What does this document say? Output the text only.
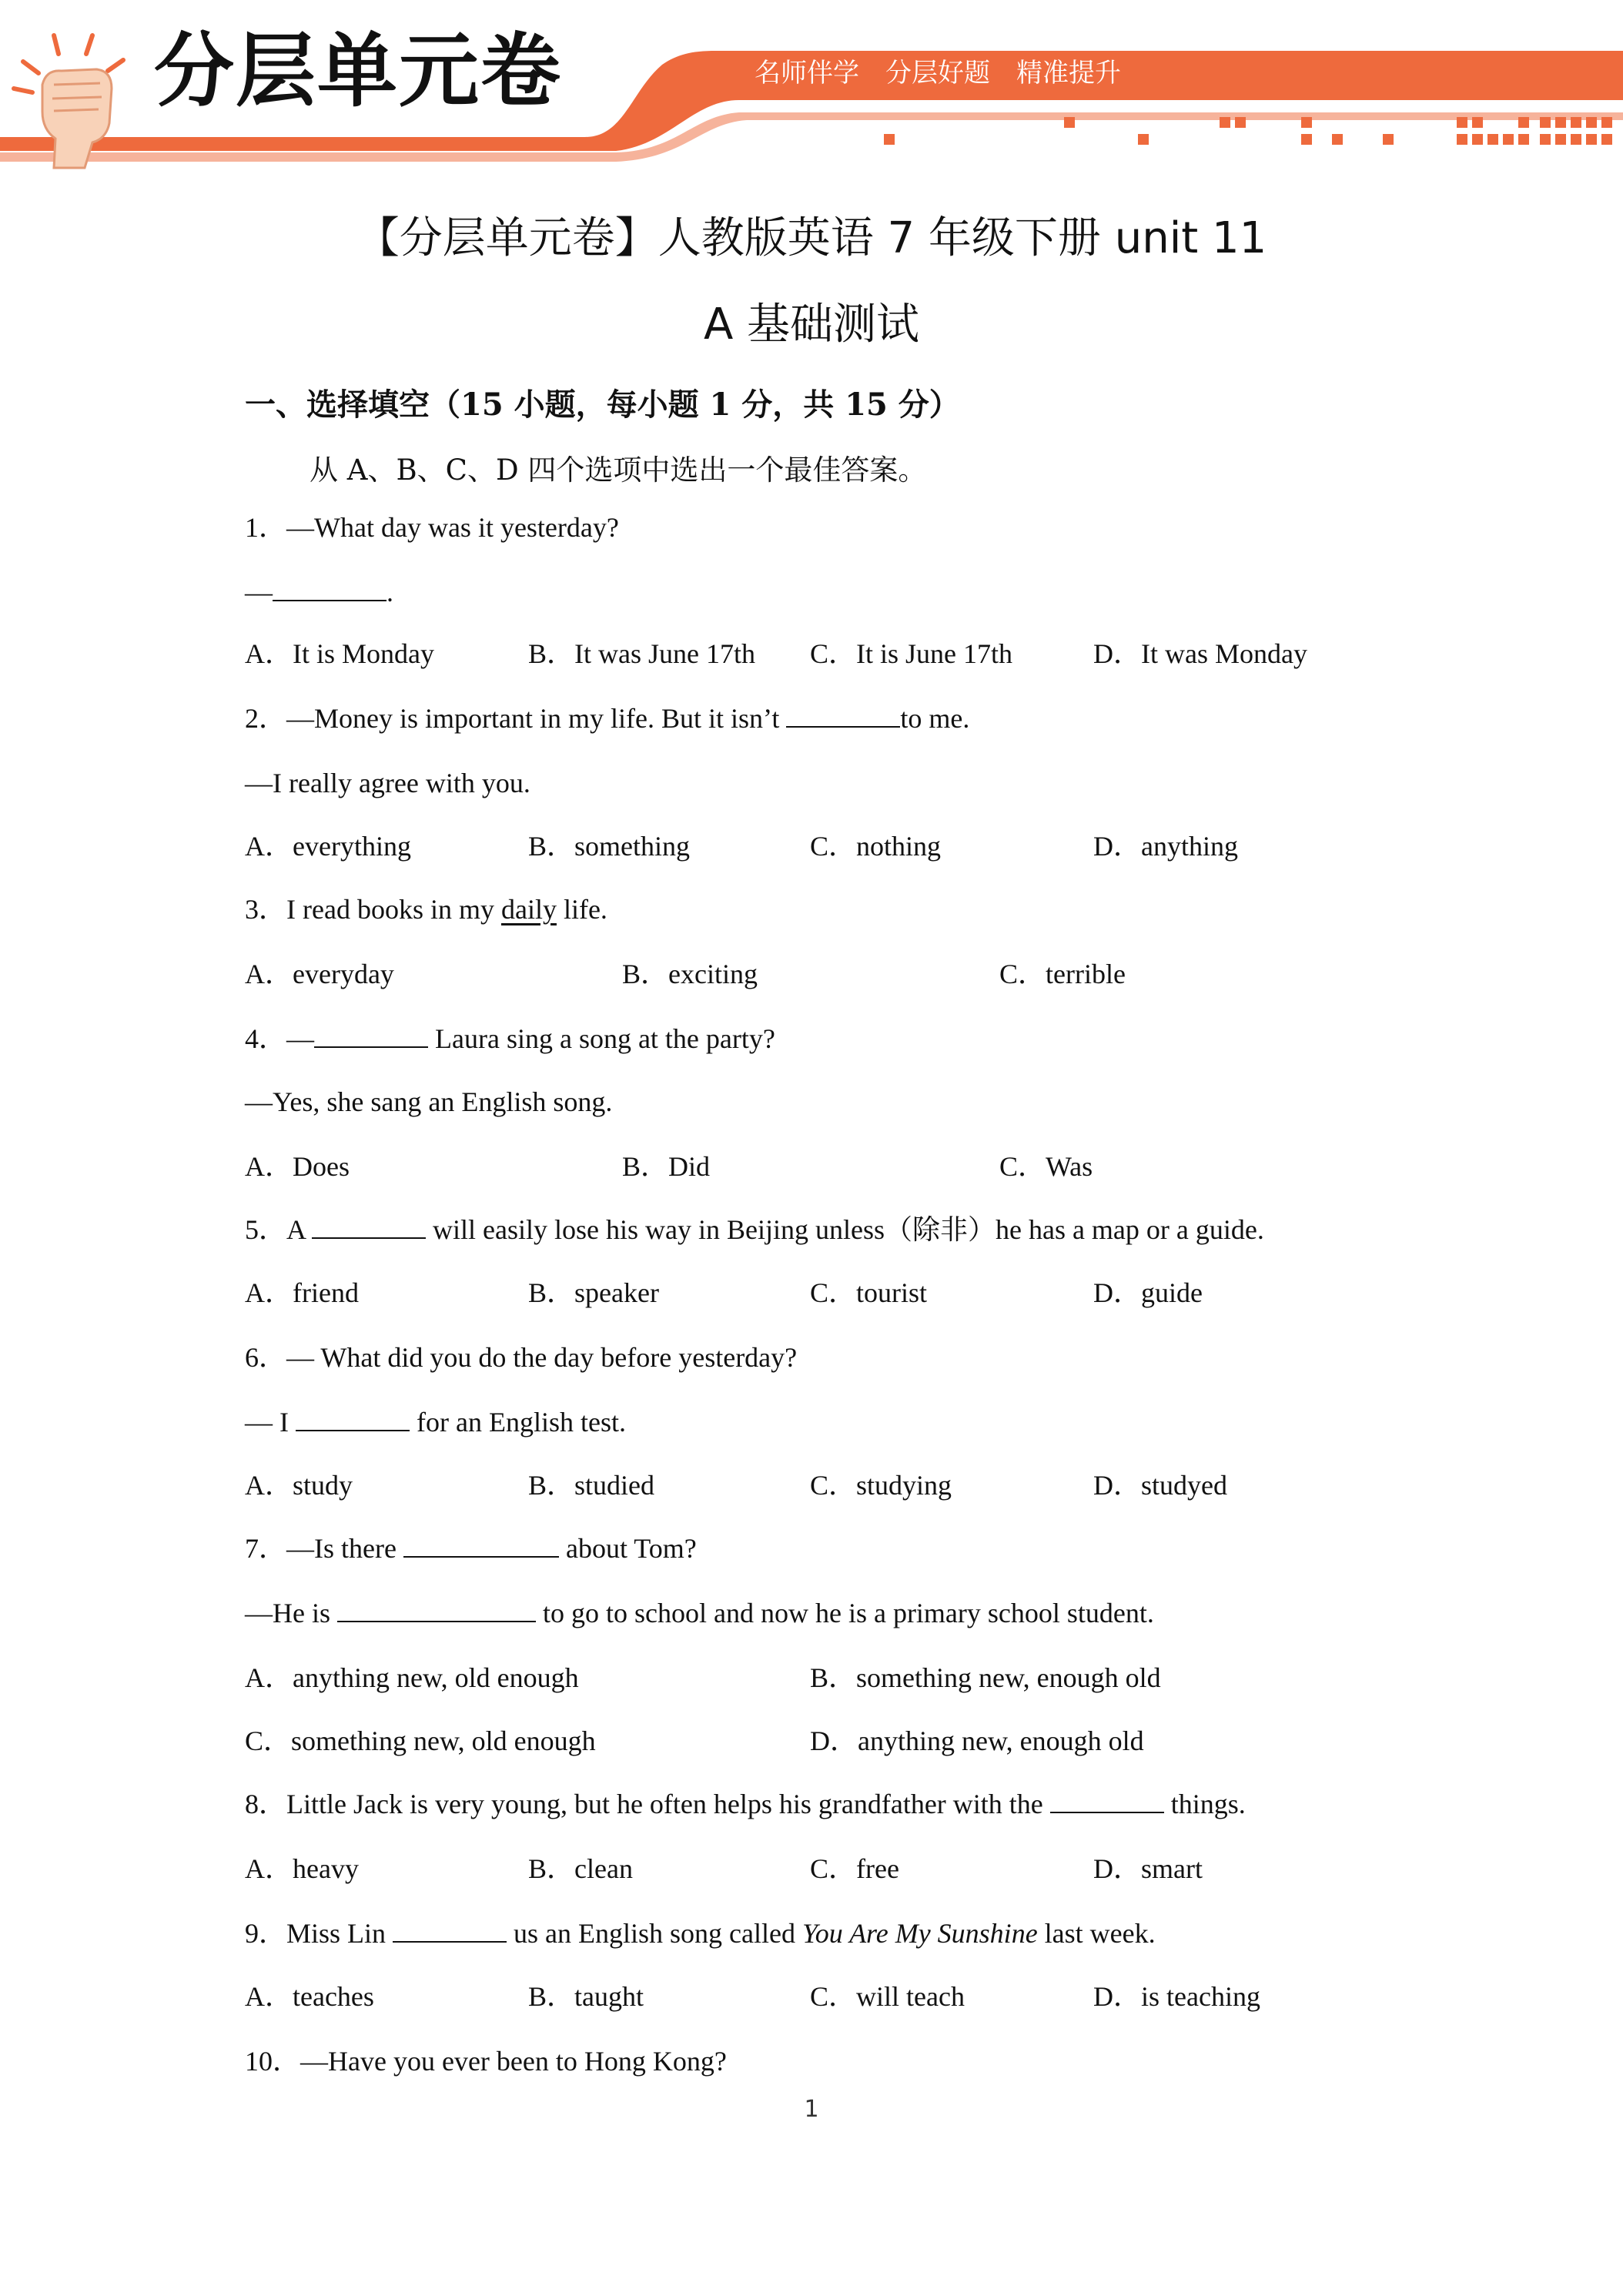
分层单元卷	名师伴学 分层好题 精准提升
【分层单元卷】人教版英语 7 年级下册 unit 11
A 基础测试
一、选择填空（15 小题，每小题 1 分，共 15 分）
从 A、B、C、D 四个选项中选出一个最佳答案。
1．—What day was it yesterday?
—	.
A．It is Monday	B．It was June 17th C．It is June 17th	D．It was Monday
2．—Money is important in my life. But it isn’t	to me.
—I really agree with you.
A．everything	B．something	C．nothing	D．anything
3．I read books in my daily life.
A．everyday	B．exciting	C．terrible
4．—	Laura sing a song at the party?
—Yes, she sang an English song.
A．Does	B．Did	C．Was
5．A	will easily lose his way in Beijing unless（除非）he has a map or a guide.
A．friend	B．speaker	C．tourist	D．guide
6．— What did you do the day before yesterday?
— I	for an English test.
A．study	B．studied	C．studying	D．studyed
7．—Is there	about Tom?
—He is	to go to school and now he is a primary school student.
A．anything new, old enough	B．something new, enough old
C．something new, old enough	D．anything new, enough old
8．Little Jack is very young, but he often helps his grandfather with the	things.
A．heavy	B．clean	C．free	D．smart
9．Miss Lin	us an English song called You Are My Sunshine last week.
A．teaches	B．taught	C．will teach	D．is teaching
10．—Have you ever been to Hong Kong?
1
